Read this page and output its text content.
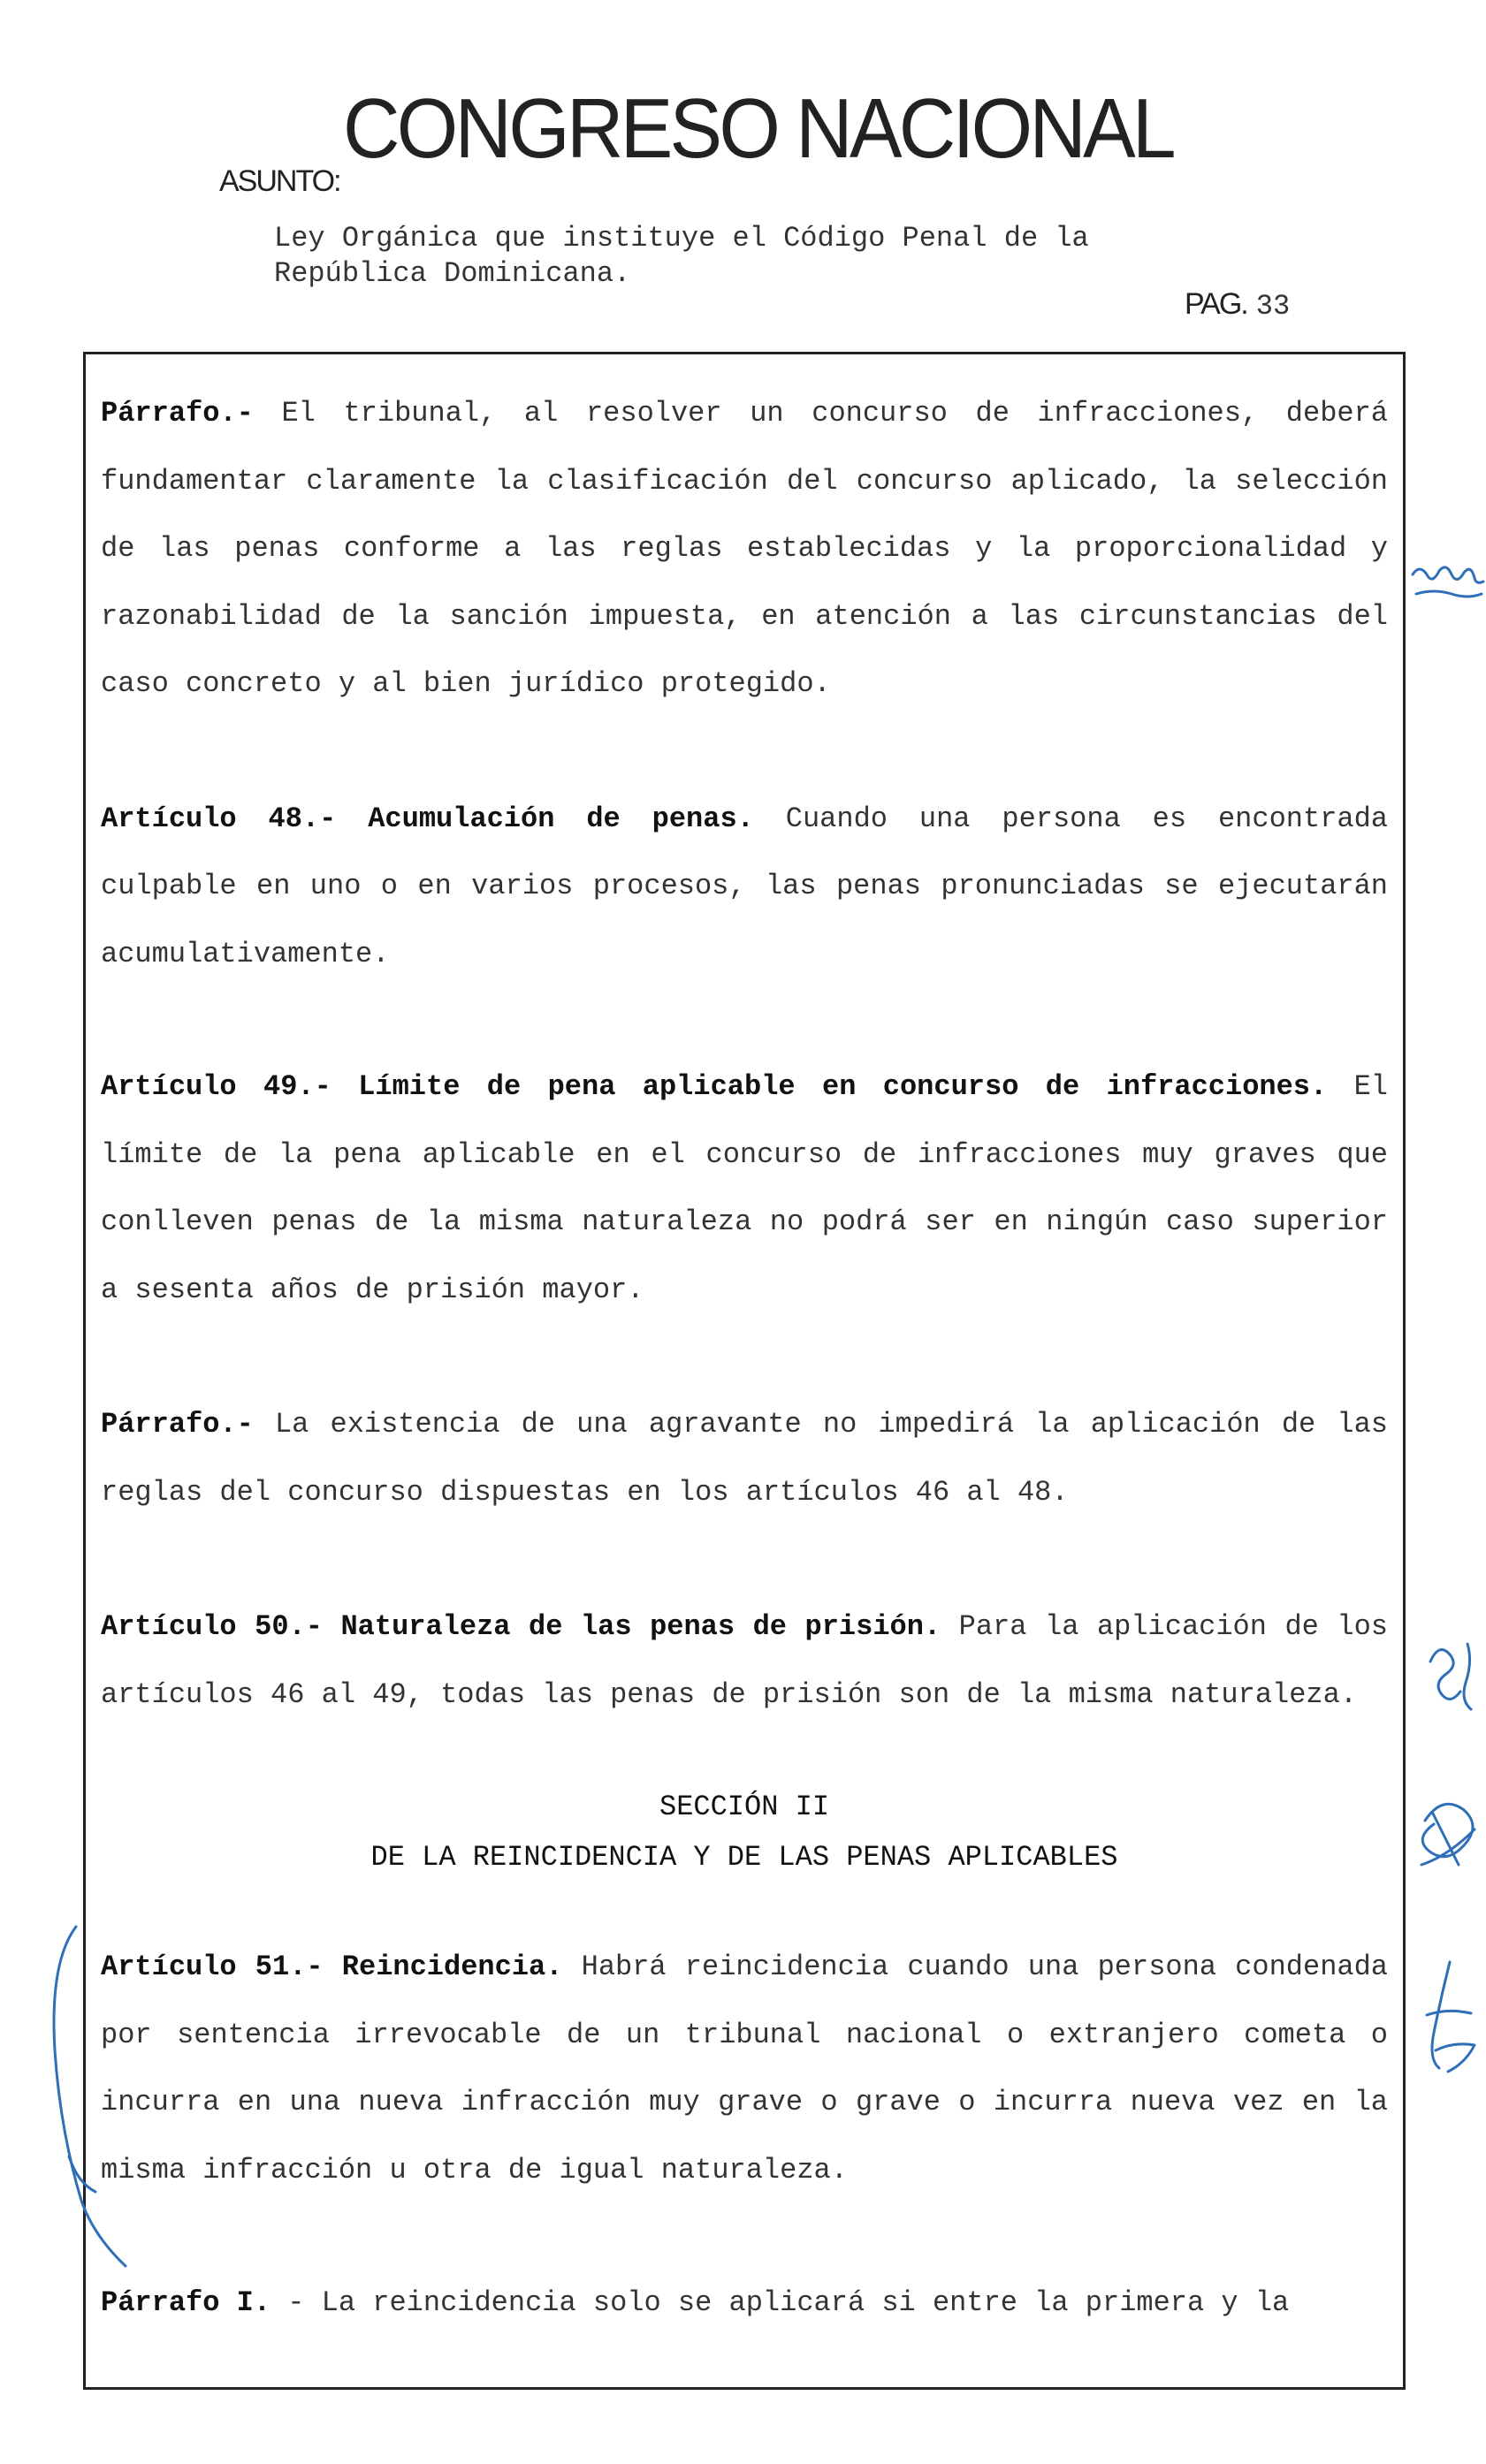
CONGRESO NACIONAL
ASUNTO:
Ley Orgánica que instituye el Código Penal de la
República Dominicana.
PAG. 33

Párrafo.- El tribunal, al resolver un concurso de infracciones, deberá fundamentar claramente la clasificación del concurso aplicado, la selección de las penas conforme a las reglas establecidas y la proporcionalidad y razonabilidad de la sanción impuesta, en atención a las circunstancias del caso concreto y al bien jurídico protegido.

Artículo 48.- Acumulación de penas. Cuando una persona es encontrada culpable en uno o en varios procesos, las penas pronunciadas se ejecutarán acumulativamente.

Artículo 49.- Límite de pena aplicable en concurso de infracciones. El límite de la pena aplicable en el concurso de infracciones muy graves que conlleven penas de la misma naturaleza no podrá ser en ningún caso superior a sesenta años de prisión mayor.

Párrafo.- La existencia de una agravante no impedirá la aplicación de las reglas del concurso dispuestas en los artículos 46 al 48.

Artículo 50.- Naturaleza de las penas de prisión. Para la aplicación de los artículos 46 al 49, todas las penas de prisión son de la misma naturaleza.

SECCIÓN II

DE LA REINCIDENCIA Y DE LAS PENAS APLICABLES

Artículo 51.- Reincidencia. Habrá reincidencia cuando una persona condenada por sentencia irrevocable de un tribunal nacional o extranjero cometa o incurra en una nueva infracción muy grave o grave o incurra nueva vez en la misma infracción u otra de igual naturaleza.

Párrafo I. - La reincidencia solo se aplicará si entre la primera y la
